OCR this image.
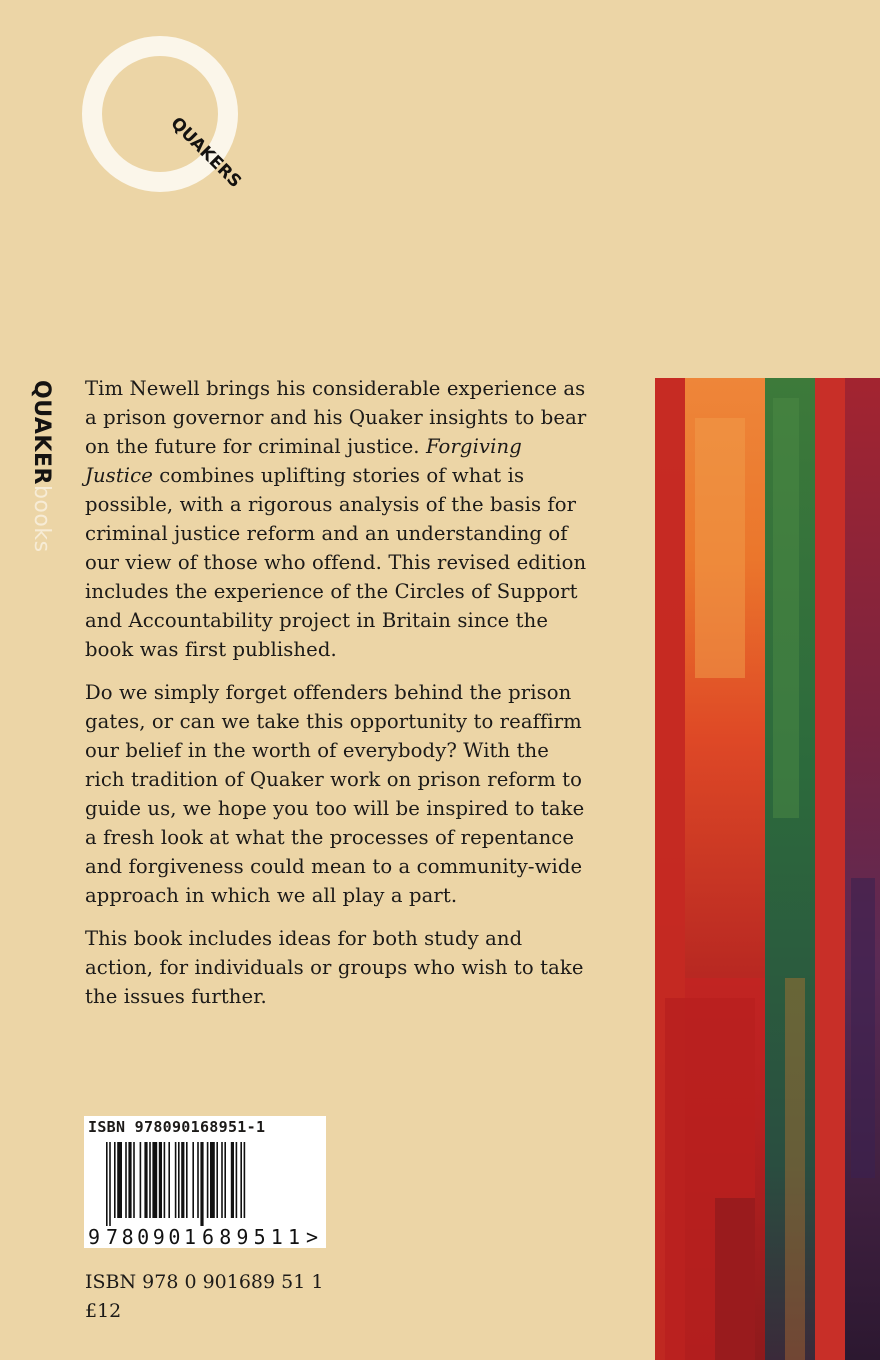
QUAKERS
QUAKERbooks

Tim Newell brings his considerable experience as a prison governor and his Quaker insights to bear on the future for criminal justice. Forgiving Justice combines uplifting stories of what is possible, with a rigorous analysis of the basis for criminal justice reform and an understanding of our view of those who offend. This revised edition includes the experience of the Circles of Support and Accountability project in Britain since the book was first published.

Do we simply forget offenders behind the prison gates, or can we take this opportunity to reaffirm our belief in the worth of everybody? With the rich tradition of Quaker work on prison reform to guide us, we hope you too will be inspired to take a fresh look at what the processes of repentance and forgiveness could mean to a community-wide approach in which we all play a part.

This book includes ideas for both study and action, for individuals or groups who wish to take the issues further.

9 780901 689511 >
ISBN 978090168951-1
ISBN 978 0 901689 51 1
£12
